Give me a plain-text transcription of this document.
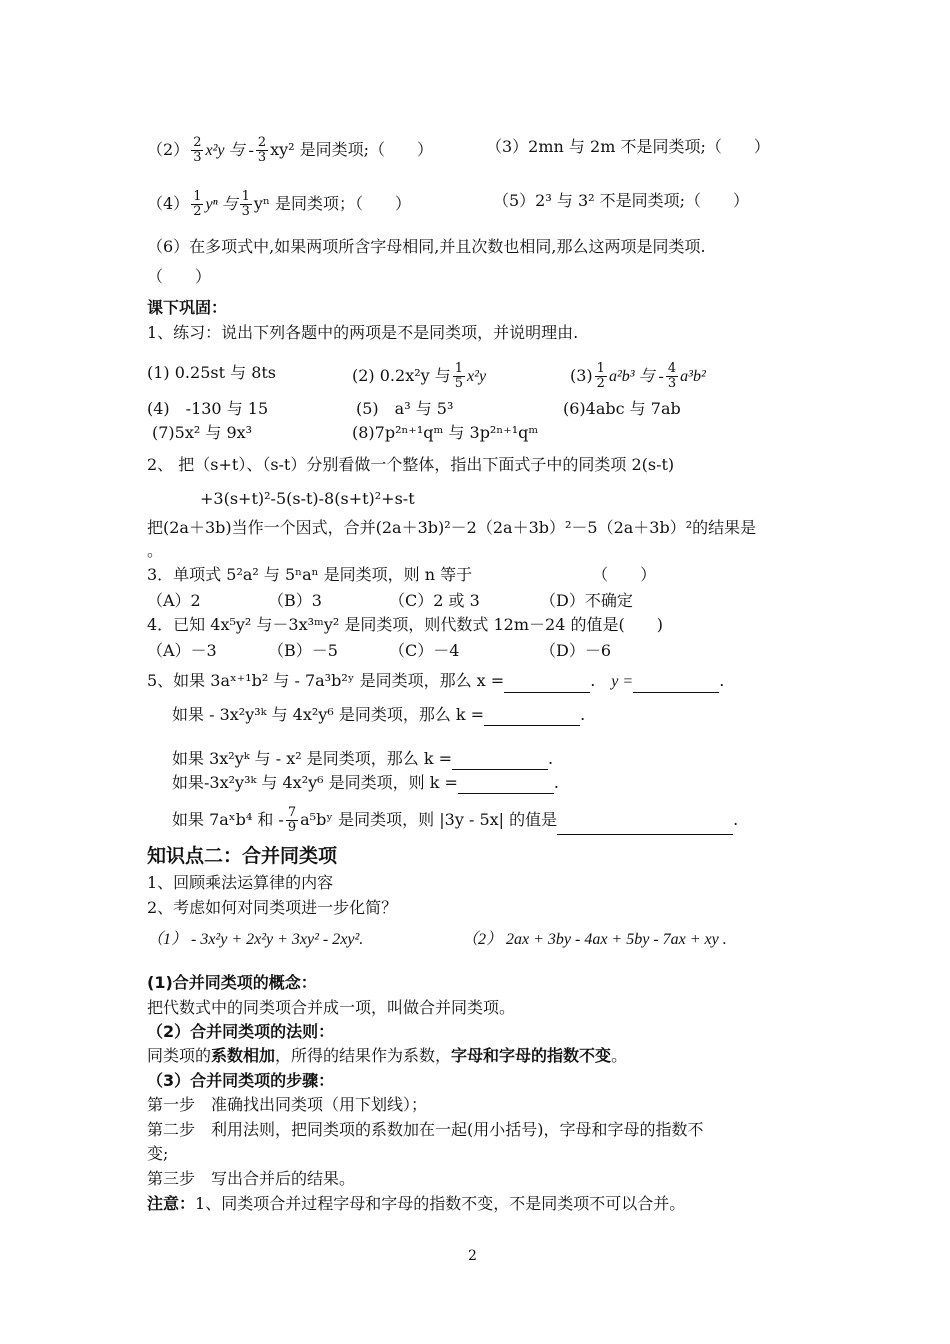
$(2) \frac{2}{3} x^2y$ 与 - $\frac{2}{3} xy^2$ 是同类项;（　　）	（3）2mn 与 2m 不是同类项;（　　）
$(4) \frac{1}{2}$ yⁿ 与 $\frac{1}{3}$ yⁿ 是同类项；（　　）	（5）2³ 与 3² 不是同类项;（　　）
（6）在多项式中,如果两项所含字母相同,并且次数也相同,那么这两项是同类项.
（　　）
课下巩固：
1、练习：说出下列各题中的两项是不是同类项，并说明理由.
(1) 0.25st 与 8ts	(2) 0.2x²y 与 $\frac{1}{5} x^2y$	$(3) \frac{1}{2} a^2b^3$ 与 - $\frac{4}{3} a^3b^2$
(4)　-130 与 15	(5)　a³ 与 5³	(6)4abc 与 7ab
(7)5x² 与 9x³	(8)7p²ⁿ⁺¹qᵐ 与 3p²ⁿ⁺¹qᵐ
2、 把（s+t）、（s-t）分别看做一个整体，指出下面式子中的同类项 2(s-t)
+3(s+t)²-5(s-t)-8(s+t)²+s-t
把(2a＋3b)当作一个因式，合并(2a＋3b)²－2（2a＋3b）²－5（2a＋3b）²的结果是
。
3．单项式 5²a² 与 5ⁿaⁿ 是同类项，则 n 等于　　　　　　　　（　　）
（A）2	（B）3	（C）2 或 3	（D）不确定
4．已知 4x⁵y² 与－3x³ᵐy² 是同类项，则代数式 12m－24 的值是(　　)
（A）－3	（B）－5	（C）－4	（D）－6
5、如果 3aˣ⁺¹b² 与 - 7a³b²ʸ 是同类项，那么 x =	.　y =	.
如果 - 3x²y³ᵏ 与 4x²y⁶ 是同类项，那么 k =	.
如果 3x²yᵏ 与 - x² 是同类项，那么 k =	.
如果-3x²y³ᵏ 与 4x²y⁶ 是同类项，则 k =	.
如果 7aˣb⁴ 和 - $\frac{7}{9}$ a⁵bʸ 是同类项，则 |3y - 5x| 的值是	.
知识点二：合并同类项
1、回顾乘法运算律的内容
2、考虑如何对同类项进一步化简？
（1） - 3x²y + 2x²y + 3xy² - 2xy².	（2） 2ax + 3by - 4ax + 5by - 7ax + xy .
(1)合并同类项的概念：
把代数式中的同类项合并成一项，叫做合并同类项。
（2）合并同类项的法则：
同类项的系数相加，所得的结果作为系数，字母和字母的指数不变。
（3）合并同类项的步骤：
第一步　准确找出同类项（用下划线）；
第二步　利用法则，把同类项的系数加在一起(用小括号)，字母和字母的指数不
变;
第三步　写出合并后的结果。
注意：1、同类项合并过程字母和字母的指数不变，不是同类项不可以合并。
2
